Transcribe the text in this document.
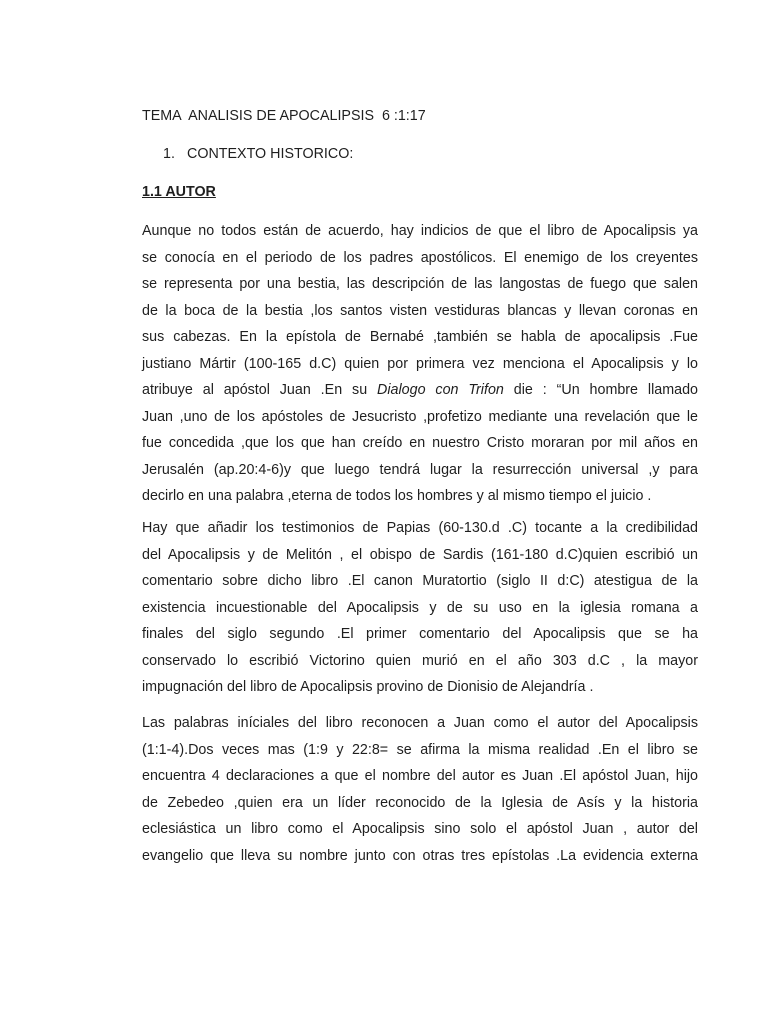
TEMA  ANALISIS DE APOCALIPSIS  6 :1:17
1. CONTEXTO HISTORICO:
1.1 AUTOR
Aunque no todos están de acuerdo, hay indicios de que el libro de Apocalipsis ya
se conocía en el periodo de los padres apostólicos. El enemigo de los creyentes
se representa por una bestia, las descripción de las langostas de fuego que salen
de la boca de la bestia ,los santos visten vestiduras blancas y llevan coronas en
sus cabezas. En la epístola de Bernabé ,también se habla de apocalipsis .Fue
justiano Mártir (100-165 d.C) quien por primera vez menciona el Apocalipsis y lo
atribuye al apóstol Juan .En su Dialogo con Trifon die : “Un hombre llamado
Juan ,uno de los apóstoles de Jesucristo ,profetizo mediante una revelación que le
fue concedida ,que los que han creído en nuestro Cristo moraran por mil años en
Jerusalén (ap.20:4-6)y que luego tendrá lugar la resurrección universal ,y para
decirlo en una palabra ,eterna de todos los hombres y al mismo tiempo el juicio .
Hay que añadir los testimonios de Papias (60-130.d .C) tocante a la credibilidad
del Apocalipsis y de Melitón , el obispo de Sardis (161-180 d.C)quien escribió un
comentario sobre dicho libro .El canon Muratortio (siglo II d:C) atestigua de la
existencia incuestionable del Apocalipsis y de su uso en la iglesia romana a
finales del siglo segundo .El primer comentario del Apocalipsis que se ha
conservado lo escribió Victorino quien murió en el año 303 d.C , la mayor
impugnación del libro de Apocalipsis provino de Dionisio de Alejandría .
Las palabras iníciales del libro reconocen a Juan como el autor del Apocalipsis
(1:1-4).Dos veces mas (1:9 y 22:8= se afirma la misma realidad .En el libro se
encuentra 4 declaraciones a que el nombre del autor es Juan .El apóstol Juan, hijo
de Zebedeo ,quien era un líder reconocido de la Iglesia de Asís y la historia
eclesiástica un libro como el Apocalipsis sino solo el apóstol Juan , autor del
evangelio que lleva su nombre junto con otras tres epístolas .La evidencia externa
